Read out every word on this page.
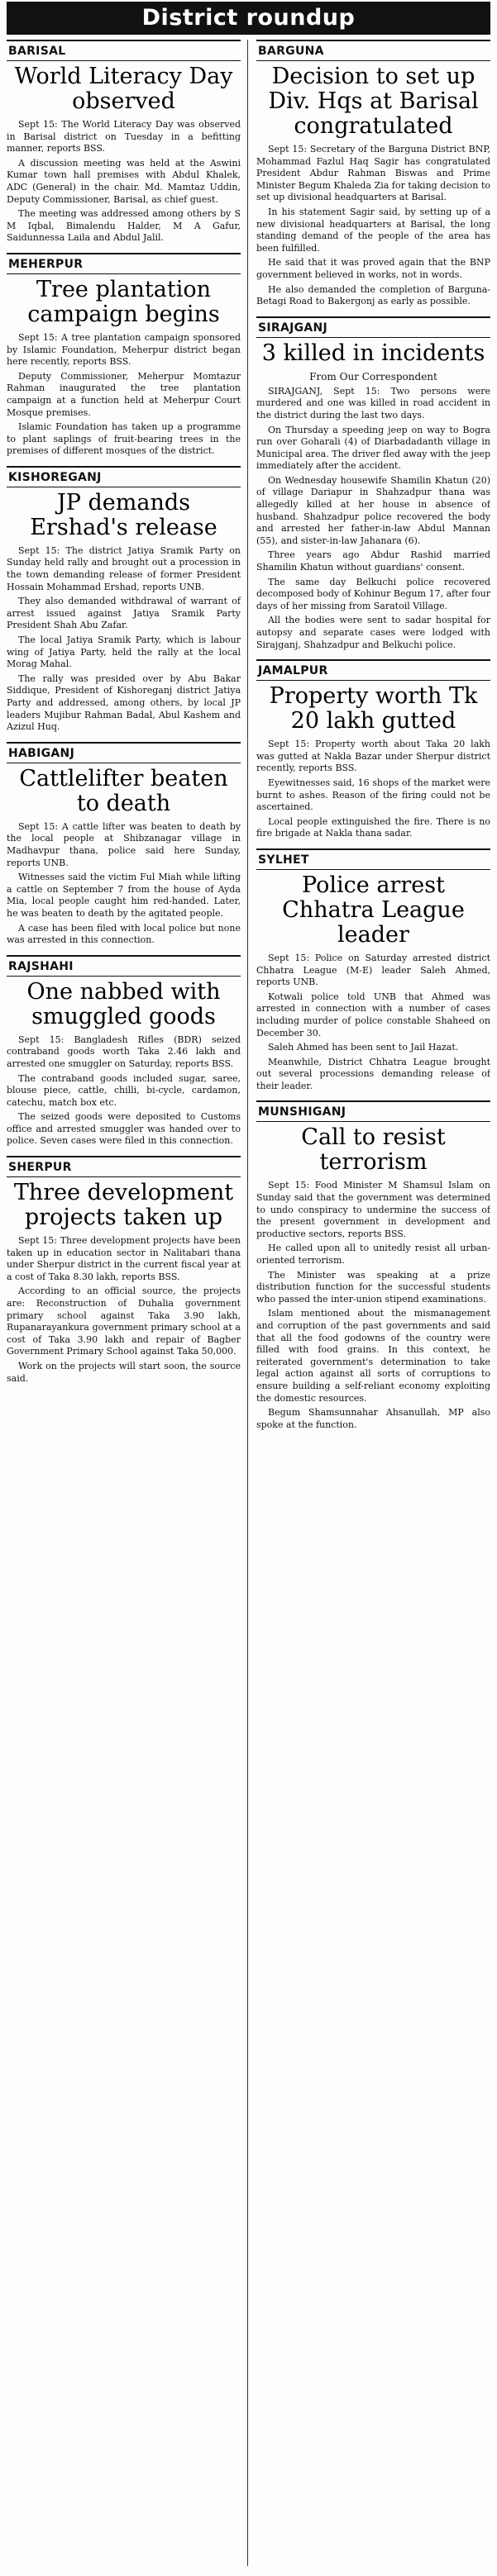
District roundup
BARISAL
World Literacy Day observed

Sept 15: The World Literacy Day was observed in Barisal district on Tuesday in a befitting manner, reports BSS.

A discussion meeting was held at the Aswini Kumar town hall premises with Abdul Khalek, ADC (General) in the chair. Md. Mamtaz Uddin, Deputy Commissioner, Barisal, as chief guest.

The meeting was addressed among others by S M Iqbal, Bimalendu Halder, M A Gafur, Saidunnessa Laila and Abdul Jalil.

MEHERPUR
Tree plantation campaign begins

Sept 15: A tree plantation campaign sponsored by Islamic Foundation, Meherpur district began here recently, reports BSS.

Deputy Commissioner, Meherpur Momtazur Rahman inaugurated the tree plantation campaign at a function held at Meherpur Court Mosque premises.

Islamic Foundation has taken up a programme to plant saplings of fruit-bearing trees in the premises of different mosques of the district.

KISHOREGANJ
JP demands Ershad's release

Sept 15: The district Jatiya Sramik Party on Sunday held rally and brought out a procession in the town demanding release of former President Hossain Mohammad Ershad, reports UNB.

They also demanded withdrawal of warrant of arrest issued against Jatiya Sramik Party President Shah Abu Zafar.

The local Jatiya Sramik Party, which is labour wing of Jatiya Party, held the rally at the local Morag Mahal.

The rally was presided over by Abu Bakar Siddique, President of Kishoreganj district Jatiya Party and addressed, among others, by local JP leaders Mujibur Rahman Badal, Abul Kashem and Azizul Huq.

HABIGANJ
Cattlelifter beaten to death

Sept 15: A cattle lifter was beaten to death by the local people at Shibzanagar village in Madhavpur thana, police said here Sunday, reports UNB.

Witnesses said the victim Ful Miah while lifting a cattle on September 7 from the house of Ayda Mia, local people caught him red-handed. Later, he was beaten to death by the agitated people.

A case has been filed with local police but none was arrested in this connection.

RAJSHAHI
One nabbed with smuggled goods

Sept 15: Bangladesh Rifles (BDR) seized contraband goods worth Taka 2.46 lakh and arrested one smuggler on Saturday, reports BSS.

The contraband goods included sugar, saree, blouse piece, cattle, chilli, bi-cycle, cardamon, catechu, match box etc.

The seized goods were deposited to Customs office and arrested smuggler was handed over to police. Seven cases were filed in this connection.

SHERPUR
Three development projects taken up

Sept 15: Three development projects have been taken up in education sector in Nalitabari thana under Sherpur district in the current fiscal year at a cost of Taka 8.30 lakh, reports BSS.

According to an official source, the projects are: Reconstruction of Duhalia government primary school against Taka 3.90 lakh, Rupanarayankura government primary school at a cost of Taka 3.90 lakh and repair of Bagber Government Primary School against Taka 50,000.

Work on the projects will start soon, the source said.

BARGUNA
Decision to set up Div. Hqs at Barisal congratulated

Sept 15: Secretary of the Barguna District BNP, Mohammad Fazlul Haq Sagir has congratulated President Abdur Rahman Biswas and Prime Minister Begum Khaleda Zia for taking decision to set up divisional headquarters at Barisal.

In his statement Sagir said, by setting up of a new divisional headquarters at Barisal, the long standing demand of the people of the area has been fulfilled.

He said that it was proved again that the BNP government believed in works, not in words.

He also demanded the completion of Barguna-Betagi Road to Bakergonj as early as possible.

SIRAJGANJ
3 killed in incidents
From Our Correspondent

SIRAJGANJ, Sept 15: Two persons were murdered and one was killed in road accident in the district during the last two days.

On Thursday a speeding jeep on way to Bogra run over Goharali (4) of Diarbadadanth village in Municipal area. The driver fled away with the jeep immediately after the accident.

On Wednesday housewife Shamilin Khatun (20) of village Dariapur in Shahzadpur thana was allegedly killed at her house in absence of husband. Shahzadpur police recovered the body and arrested her father-in-law Abdul Mannan (55), and sister-in-law Jahanara (6).

Three years ago Abdur Rashid married Shamilin Khatun without guardians' consent.

The same day Belkuchi police recovered decomposed body of Kohinur Begum 17, after four days of her missing from Saratoil Village.

All the bodies were sent to sadar hospital for autopsy and separate cases were lodged with Sirajganj, Shahzadpur and Belkuchi police.

JAMALPUR
Property worth Tk 20 lakh gutted

Sept 15: Property worth about Taka 20 lakh was gutted at Nakla Bazar under Sherpur district recently, reports BSS.

Eyewitnesses said, 16 shops of the market were burnt to ashes. Reason of the firing could not be ascertained.

Local people extinguished the fire. There is no fire brigade at Nakla thana sadar.

SYLHET
Police arrest Chhatra League leader

Sept 15: Police on Saturday arrested district Chhatra League (M-E) leader Saleh Ahmed, reports UNB.

Kotwali police told UNB that Ahmed was arrested in connection with a number of cases including murder of police constable Shaheed on December 30.

Saleh Ahmed has been sent to Jail Hazat.

Meanwhile, District Chhatra League brought out several processions demanding release of their leader.

MUNSHIGANJ
Call to resist terrorism

Sept 15: Food Minister M Shamsul Islam on Sunday said that the government was determined to undo conspiracy to undermine the success of the present government in development and productive sectors, reports BSS.

He called upon all to unitedly resist all urban-oriented terrorism.

The Minister was speaking at a prize distribution function for the successful students who passed the inter-union stipend examinations.

Islam mentioned about the mismanagement and corruption of the past governments and said that all the food godowns of the country were filled with food grains. In this context, he reiterated government's determination to take legal action against all sorts of corruptions to ensure building a self-reliant economy exploiting the domestic resources.

Begum Shamsunnahar Ahsanullah, MP also spoke at the function.
